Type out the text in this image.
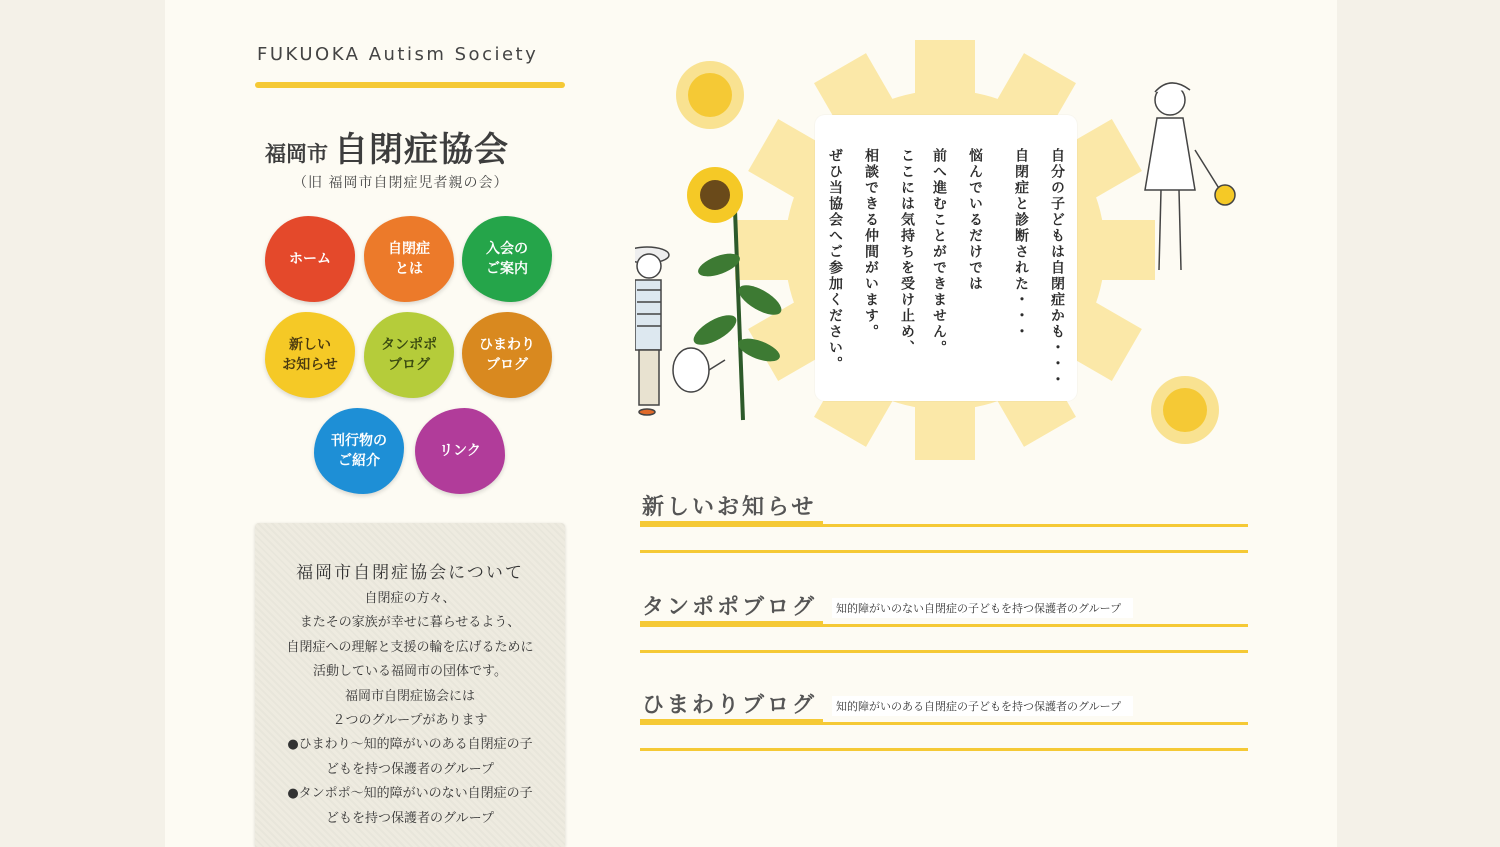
FUKUOKA Autism Society
福岡市 自閉症協会
（旧 福岡市自閉症児者親の会）
ホーム
自閉症
とは
入会の
ご案内
新しい
お知らせ
タンポポ
ブログ
ひまわり
ブログ
刊行物の
ご紹介
リンク
福岡市自閉症協会について
自閉症の方々、
またその家族が幸せに暮らせるよう、
自閉症への理解と支援の輪を広げるために
活動している福岡市の団体です。
福岡市自閉症協会には
２つのグループがあります
●ひまわり〜知的障がいのある自閉症の子
どもを持つ保護者のグループ
●タンポポ〜知的障がいのない自閉症の子
どもを持つ保護者のグループ
自分の子どもは自閉症かも・・・
自閉症と診断された・・・
悩んでいるだけでは
前へ進むことができません。
ここには気持ちを受け止め、
相談できる仲間がいます。
ぜひ当協会へご参加ください。
新しいお知らせ
タンポポブログ	知的障がいのない自閉症の子どもを持つ保護者のグループ
ひまわりブログ	知的障がいのある自閉症の子どもを持つ保護者のグループ
